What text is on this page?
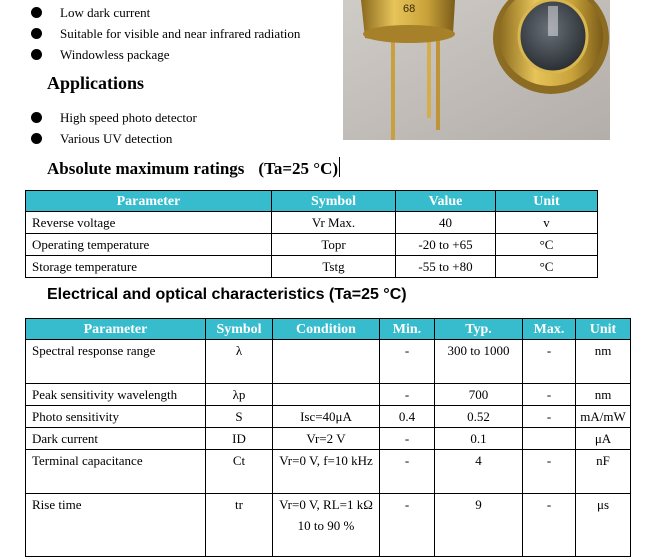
Low dark current
Suitable for visible and near infrared radiation
Windowless package
Applications
High speed photo detector
Various UV detection
68
Absolute maximum ratings (Ta=25 °C)
Parameter	Symbol	Value	Unit
Reverse voltage	Vr Max.	40	v
Operating temperature	Topr	-20 to +65	°C
Storage temperature	Tstg	-55 to +80	°C
Electrical and optical characteristics (Ta=25 °C)
Parameter	Symbol	Condition	Min.	Typ.	Max.	Unit
Spectral response range	λ		-	300 to 1000	-	nm
Peak sensitivity wavelength	λp		-	700	-	nm
Photo sensitivity	S	Isc=40μA	0.4	0.52	-	mA/mW
Dark current	ID	Vr=2 V	-	0.1		μA
Terminal capacitance	Ct	Vr=0 V, f=10 kHz	-	4	-	nF
Rise time	tr	Vr=0 V, RL=1 kΩ 10 to 90 %	-	9	-	μs
